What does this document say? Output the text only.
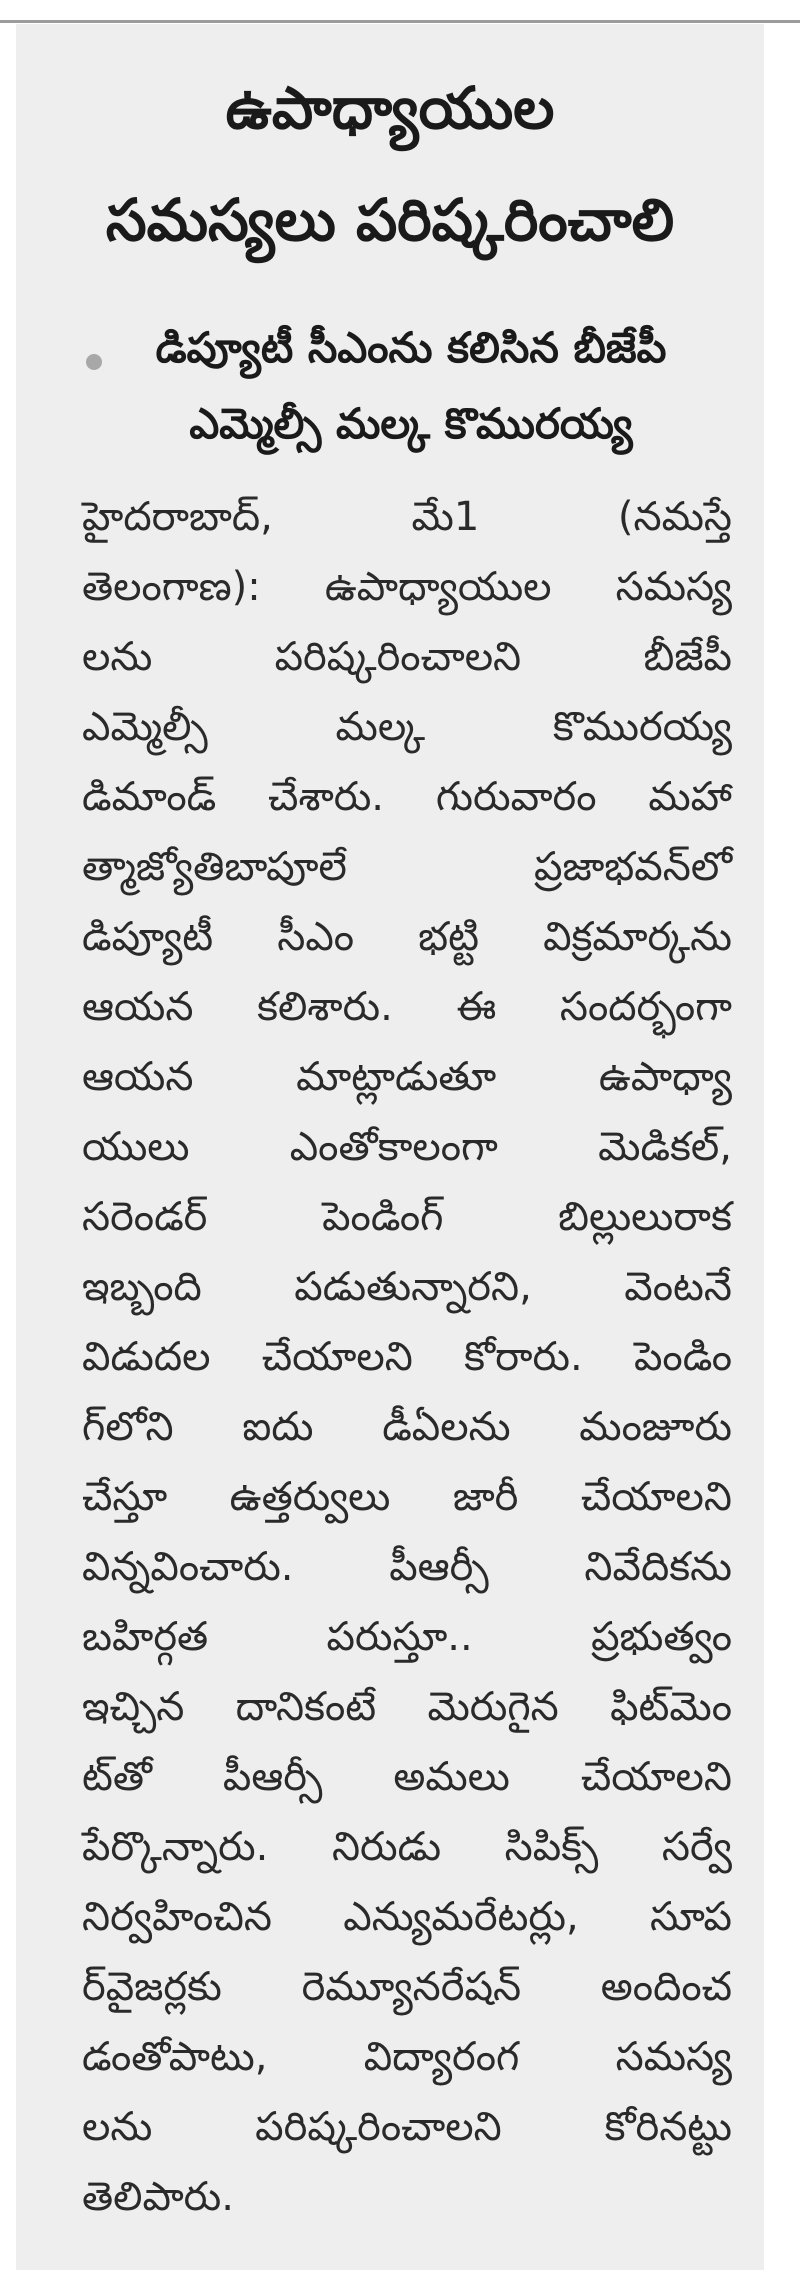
ఉపాధ్యాయుల
సమస్యలు పరిష్కరించాలి
డిప్యూటీ సీఎంను కలిసిన బీజేపీ
ఎమ్మెల్సీ మల్క కొమురయ్య
హైదరాబాద్, మే1 (నమస్తే
తెలంగాణ): ఉపాధ్యాయుల సమస్య
లను పరిష్కరించాలని బీజేపీ
ఎమ్మెల్సీ మల్క కొమురయ్య
డిమాండ్ చేశారు. గురువారం మహా
త్మాజ్యోతిబాపూలే ప్రజాభవన్‌లో
డిప్యూటీ సీఎం భట్టి విక్రమార్కను
ఆయన కలిశారు. ఈ సందర్భంగా
ఆయన మాట్లాడుతూ ఉపాధ్యా
యులు ఎంతోకాలంగా మెడికల్,
సరెండర్ పెండింగ్ బిల్లులురాక
ఇబ్బంది పడుతున్నారని, వెంటనే
విడుదల చేయాలని కోరారు. పెండిం
గ్‌లోని ఐదు డీఏలను మంజూరు
చేస్తూ ఉత్తర్వులు జారీ చేయాలని
విన్నవించారు. పీఆర్సీ నివేదికను
బహిర్గత పరుస్తూ.. ప్రభుత్వం
ఇచ్చిన దానికంటే మెరుగైన ఫిట్‌మెం
ట్‌తో పీఆర్సీ అమలు చేయాలని
పేర్కొన్నారు. నిరుడు సిపిక్స్ సర్వే
నిర్వహించిన ఎన్యుమరేటర్లు, సూప
ర్‌వైజర్లకు రెమ్యూనరేషన్ అందించ
డంతోపాటు, విద్యారంగ సమస్య
లను పరిష్కరించాలని కోరినట్టు
తెలిపారు.
